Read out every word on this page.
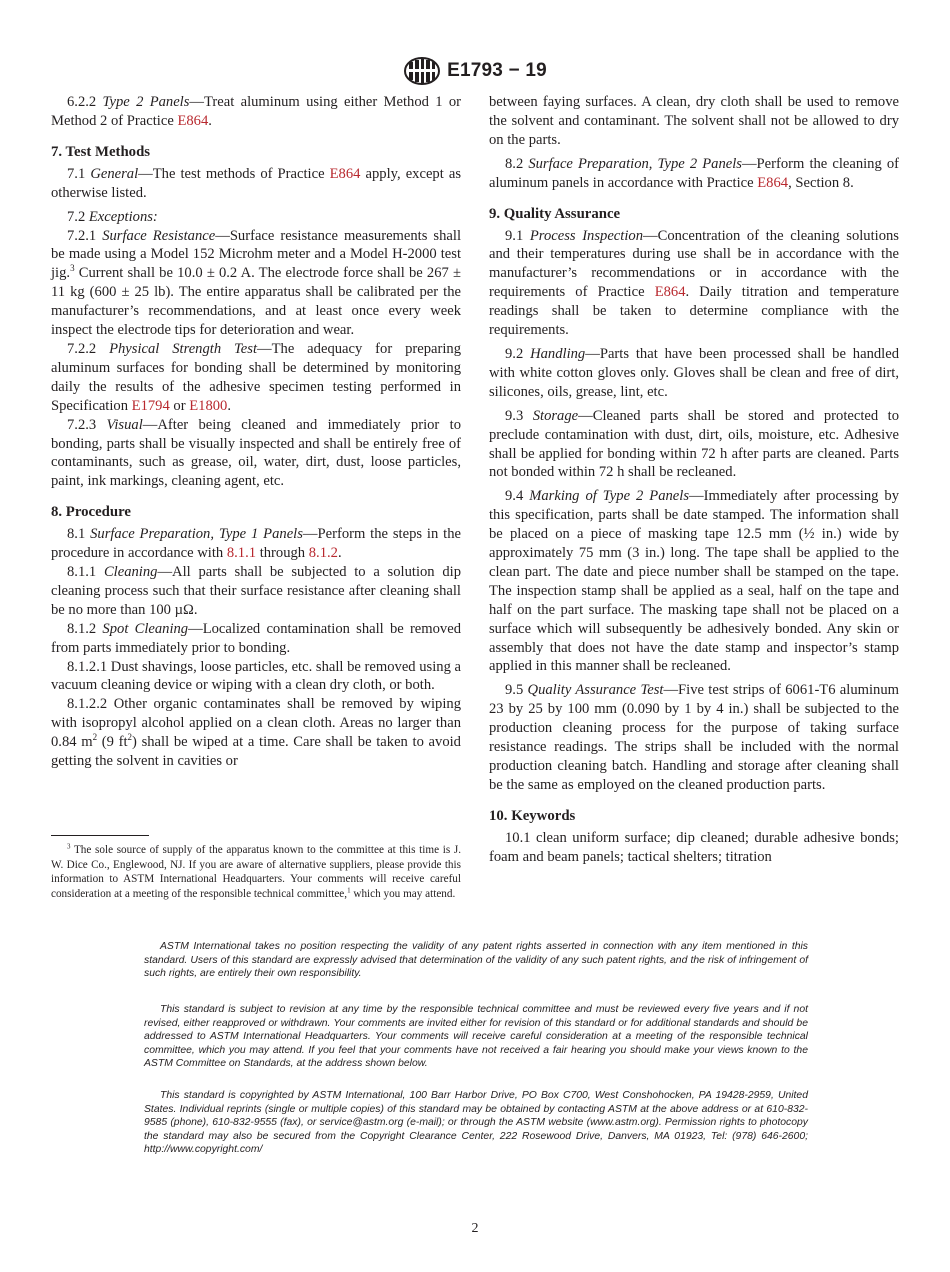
E1793 − 19

6.2.2 Type 2 Panels—Treat aluminum using either Method 1 or Method 2 of Practice E864.

7. Test Methods

7.1 General—The test methods of Practice E864 apply, except as otherwise listed.

7.2 Exceptions:

7.2.1 Surface Resistance—Surface resistance measurements shall be made using a Model 152 Microhm meter and a Model H-2000 test jig.$^3$ Current shall be 10.0 ± 0.2 A. The electrode force shall be 267 ± 11 kg (600 ± 25 lb). The entire apparatus shall be calibrated per the manufacturer’s recommendations, and at least once every week inspect the electrode tips for deterioration and wear.

7.2.2 Physical Strength Test—The adequacy for preparing aluminum surfaces for bonding shall be determined by monitoring daily the results of the adhesive specimen testing performed in Specification E1794 or E1800.

7.2.3 Visual—After being cleaned and immediately prior to bonding, parts shall be visually inspected and shall be entirely free of contaminants, such as grease, oil, water, dirt, dust, loose particles, paint, ink markings, cleaning agent, etc.

8. Procedure

8.1 Surface Preparation, Type 1 Panels—Perform the steps in the procedure in accordance with 8.1.1 through 8.1.2.

8.1.1 Cleaning—All parts shall be subjected to a solution dip cleaning process such that their surface resistance after cleaning shall be no more than 100 µΩ.

8.1.2 Spot Cleaning—Localized contamination shall be removed from parts immediately prior to bonding.

8.1.2.1 Dust shavings, loose particles, etc. shall be removed using a vacuum cleaning device or wiping with a clean dry cloth, or both.

8.1.2.2 Other organic contaminates shall be removed by wiping with isopropyl alcohol applied on a clean cloth. Areas no larger than 0.84 $m^2$ (9 $ft^2$) shall be wiped at a time. Care shall be taken to avoid getting the solvent in cavities or

$^3$ The sole source of supply of the apparatus known to the committee at this time is J. W. Dice Co., Englewood, NJ. If you are aware of alternative suppliers, please provide this information to ASTM International Headquarters. Your comments will receive careful consideration at a meeting of the responsible technical committee,$^1$ which you may attend.

between faying surfaces. A clean, dry cloth shall be used to remove the solvent and contaminant. The solvent shall not be allowed to dry on the parts.

8.2 Surface Preparation, Type 2 Panels—Perform the cleaning of aluminum panels in accordance with Practice E864, Section 8.

9. Quality Assurance

9.1 Process Inspection—Concentration of the cleaning solutions and their temperatures during use shall be in accordance with the manufacturer’s recommendations or in accordance with the requirements of Practice E864. Daily titration and temperature readings shall be taken to determine compliance with the requirements.

9.2 Handling—Parts that have been processed shall be handled with white cotton gloves only. Gloves shall be clean and free of dirt, silicones, oils, grease, lint, etc.

9.3 Storage—Cleaned parts shall be stored and protected to preclude contamination with dust, dirt, oils, moisture, etc. Adhesive shall be applied for bonding within 72 h after parts are cleaned. Parts not bonded within 72 h shall be recleaned.

9.4 Marking of Type 2 Panels—Immediately after processing by this specification, parts shall be date stamped. The information shall be placed on a piece of masking tape 12.5 mm (½ in.) wide by approximately 75 mm (3 in.) long. The tape shall be applied to the clean part. The date and piece number shall be stamped on the tape. The inspection stamp shall be applied as a seal, half on the tape and half on the part surface. The masking tape shall not be placed on a surface which will subsequently be adhesively bonded. Any skin or assembly that does not have the date stamp and inspector’s stamp applied in this manner shall be recleaned.

9.5 Quality Assurance Test—Five test strips of 6061-T6 aluminum 23 by 25 by 100 mm (0.090 by 1 by 4 in.) shall be subjected to the production cleaning process for the purpose of taking surface resistance readings. The strips shall be included with the normal production cleaning batch. Handling and storage after cleaning shall be the same as employed on the cleaned production parts.

10. Keywords

10.1 clean uniform surface; dip cleaned; durable adhesive bonds; foam and beam panels; tactical shelters; titration

ASTM International takes no position respecting the validity of any patent rights asserted in connection with any item mentioned in this standard. Users of this standard are expressly advised that determination of the validity of any such patent rights, and the risk of infringement of such rights, are entirely their own responsibility.

This standard is subject to revision at any time by the responsible technical committee and must be reviewed every five years and if not revised, either reapproved or withdrawn. Your comments are invited either for revision of this standard or for additional standards and should be addressed to ASTM International Headquarters. Your comments will receive careful consideration at a meeting of the responsible technical committee, which you may attend. If you feel that your comments have not received a fair hearing you should make your views known to the ASTM Committee on Standards, at the address shown below.

This standard is copyrighted by ASTM International, 100 Barr Harbor Drive, PO Box C700, West Conshohocken, PA 19428-2959, United States. Individual reprints (single or multiple copies) of this standard may be obtained by contacting ASTM at the above address or at 610-832-9585 (phone), 610-832-9555 (fax), or service@astm.org (e-mail); or through the ASTM website (www.astm.org). Permission rights to photocopy the standard may also be secured from the Copyright Clearance Center, 222 Rosewood Drive, Danvers, MA 01923, Tel: (978) 646-2600; http://www.copyright.com/

2
